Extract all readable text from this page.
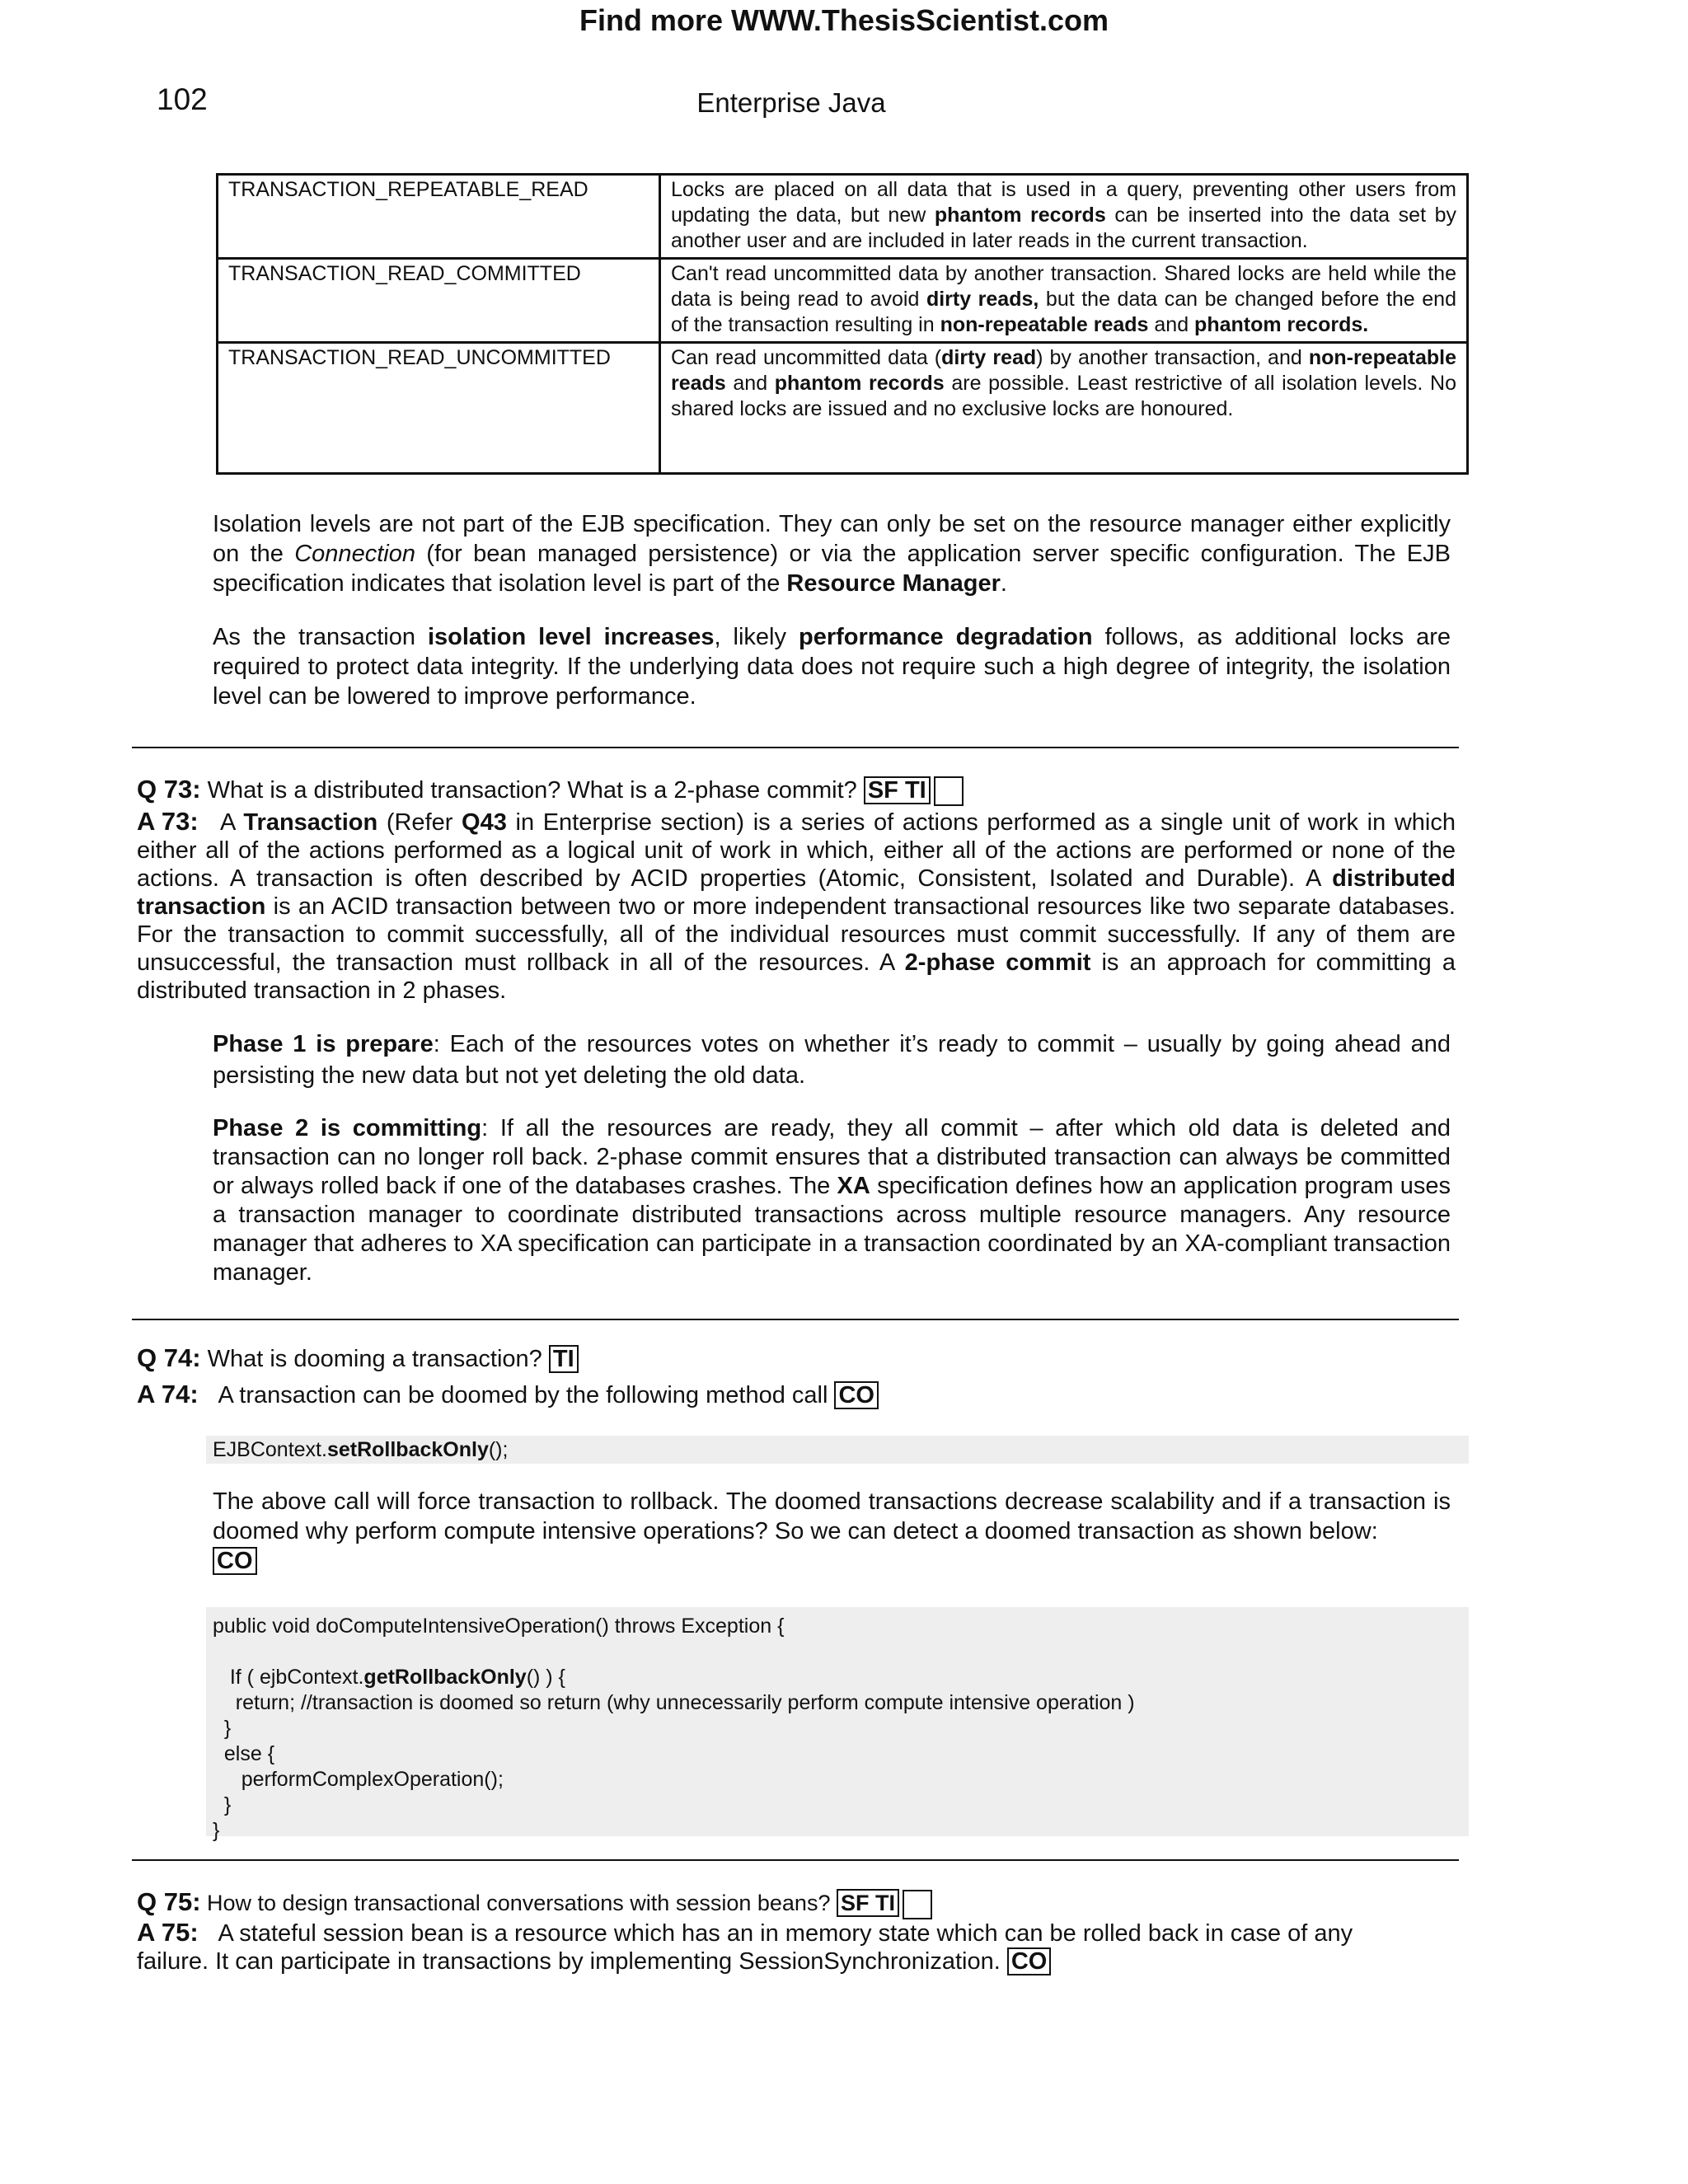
Find more WWW.ThesisScientist.com
102	Enterprise Java
TRANSACTION_REPEATABLE_READ	Locks are placed on all data that is used in a query, preventing other users from updating the data, but new phantom records can be inserted into the data set by another user and are included in later reads in the current transaction.
TRANSACTION_READ_COMMITTED	Can't read uncommitted data by another transaction. Shared locks are held while the data is being read to avoid dirty reads, but the data can be changed before the end of the transaction resulting in non-repeatable reads and phantom records.
TRANSACTION_READ_UNCOMMITTED	Can read uncommitted data (dirty read) by another transaction, and non-repeatable reads and phantom records are possible. Least restrictive of all isolation levels. No shared locks are issued and no exclusive locks are honoured.
Isolation levels are not part of the EJB specification. They can only be set on the resource manager either explicitly on the Connection (for bean managed persistence) or via the application server specific configuration. The EJB specification indicates that isolation level is part of the Resource Manager.
As the transaction isolation level increases, likely performance degradation follows, as additional locks are required to protect data integrity. If the underlying data does not require such a high degree of integrity, the isolation level can be lowered to improve performance.
Q 73: What is a distributed transaction? What is a 2-phase commit? SF TI
A 73: A Transaction (Refer Q43 in Enterprise section) is a series of actions performed as a single unit of work in which either all of the actions performed as a logical unit of work in which, either all of the actions are performed or none of the actions. A transaction is often described by ACID properties (Atomic, Consistent, Isolated and Durable). A distributed transaction is an ACID transaction between two or more independent transactional resources like two separate databases. For the transaction to commit successfully, all of the individual resources must commit successfully. If any of them are unsuccessful, the transaction must rollback in all of the resources. A 2-phase commit is an approach for committing a distributed transaction in 2 phases.
Phase 1 is prepare: Each of the resources votes on whether it’s ready to commit – usually by going ahead and persisting the new data but not yet deleting the old data.
Phase 2 is committing: If all the resources are ready, they all commit – after which old data is deleted and transaction can no longer roll back. 2-phase commit ensures that a distributed transaction can always be committed or always rolled back if one of the databases crashes. The XA specification defines how an application program uses a transaction manager to coordinate distributed transactions across multiple resource managers. Any resource manager that adheres to XA specification can participate in a transaction coordinated by an XA-compliant transaction manager.
Q 74: What is dooming a transaction? TI
A 74: A transaction can be doomed by the following method call CO
EJBContext.setRollbackOnly();
The above call will force transaction to rollback. The doomed transactions decrease scalability and if a transaction is doomed why perform compute intensive operations? So we can detect a doomed transaction as shown below:
CO
public void doComputeIntensiveOperation() throws Exception {

If ( ejbContext.getRollbackOnly() ) {
return; //transaction is doomed so return (why unnecessarily perform compute intensive operation )
}
else {
performComplexOperation();
}
}
Q 75: How to design transactional conversations with session beans? SF TI
A 75: A stateful session bean is a resource which has an in memory state which can be rolled back in case of any failure. It can participate in transactions by implementing SessionSynchronization. CO
